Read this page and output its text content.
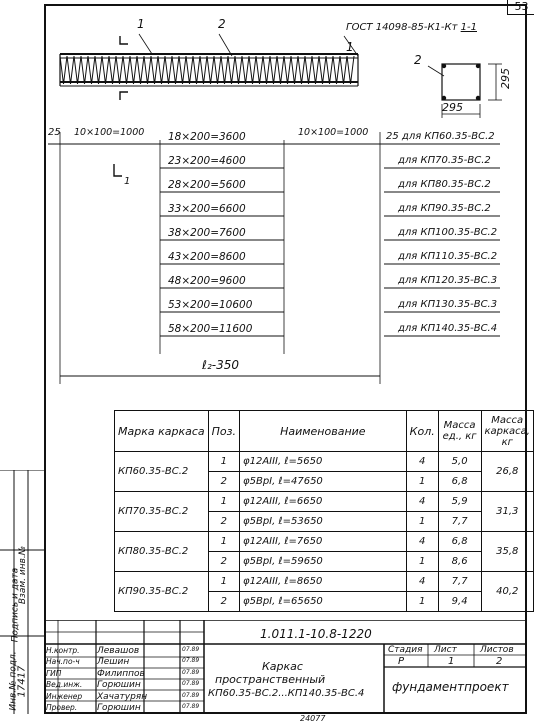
53
ГОСТ 14098-85-К1-Кт 1-1
1	2
1
2
295
295
1
25 10×100=1000	10×100=1000
18×200=3600	25 для КП60.35-ВС.2
23×200=4600	для КП70.35-ВС.2
28×200=5600	для КП80.35-ВС.2
33×200=6600	для КП90.35-ВС.2
38×200=7600	для КП100.35-ВС.2
43×200=8600	для КП110.35-ВС.2
48×200=9600	для КП120.35-ВС.3
53×200=10600	для КП130.35-ВС.3
58×200=11600	для КП140.35-ВС.4
ℓ₂-350
Марка каркаса	Поз.	Наименование	Кол.	Масса ед., кг	Масса каркаса, кг
КП60.35-ВС.2	1	φ12АIII, ℓ=5650	4	5,0	26,8
	2	φ5ВрI, ℓ=47650	1	6,8	
КП70.35-ВС.2	1	φ12АIII, ℓ=6650	4	5,9	31,3
	2	φ5ВрI, ℓ=53650	1	7,7	
КП80.35-ВС.2	1	φ12АIII, ℓ=7650	4	6,8	35,8
	2	φ5ВрI, ℓ=59650	1	8,6	
КП90.35-ВС.2	1	φ12АIII, ℓ=8650	4	7,7	40,2
	2	φ5ВрI, ℓ=65650	1	9,4	
1.011.1-10.8-1220
Каркас
пространственный
КП60.35-ВС.2...КП140.35-ВС.4
Стадия Лист	Листов
Р	1	2
фундаментпроект
Левашов	07.89
Н.контр.
Лешин	07.89
Нач.по-ч
Филиппов	07.89
ГИП
Горюшин	07.89
Вед.инж.
Хачатурян	07.89
Инженер
Горюшин	07.89
Провер.
Взам. инв.№
Подпись и дата
Инв.№ подл.
17417
24077
